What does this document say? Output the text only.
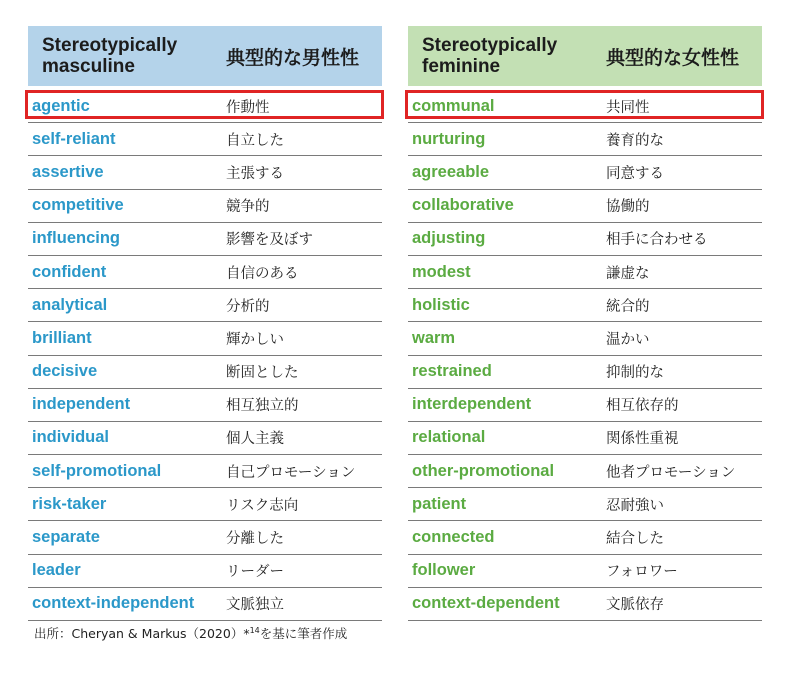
Stereotypically masculine	典型的な男性性
agentic	作動性
self-reliant	自立した
assertive	主張する
competitive	競争的
influencing	影響を及ぼす
confident	自信のある
analytical	分析的
brilliant	輝かしい
decisive	断固とした
independent	相互独立的
individual	個人主義
self-promotional	自己プロモーション
risk-taker	リスク志向
separate	分離した
leader	リーダー
context-independent	文脈独立
Stereotypically feminine	典型的な女性性
communal	共同性
nurturing	養育的な
agreeable	同意する
collaborative	協働的
adjusting	相手に合わせる
modest	謙虚な
holistic	統合的
warm	温かい
restrained	抑制的な
interdependent	相互依存的
relational	関係性重視
other-promotional	他者プロモーション
patient	忍耐強い
connected	結合した
follower	フォロワー
context-dependent	文脈依存
出所：Cheryan & Markus（2020）*$^{14}$を基に筆者作成
